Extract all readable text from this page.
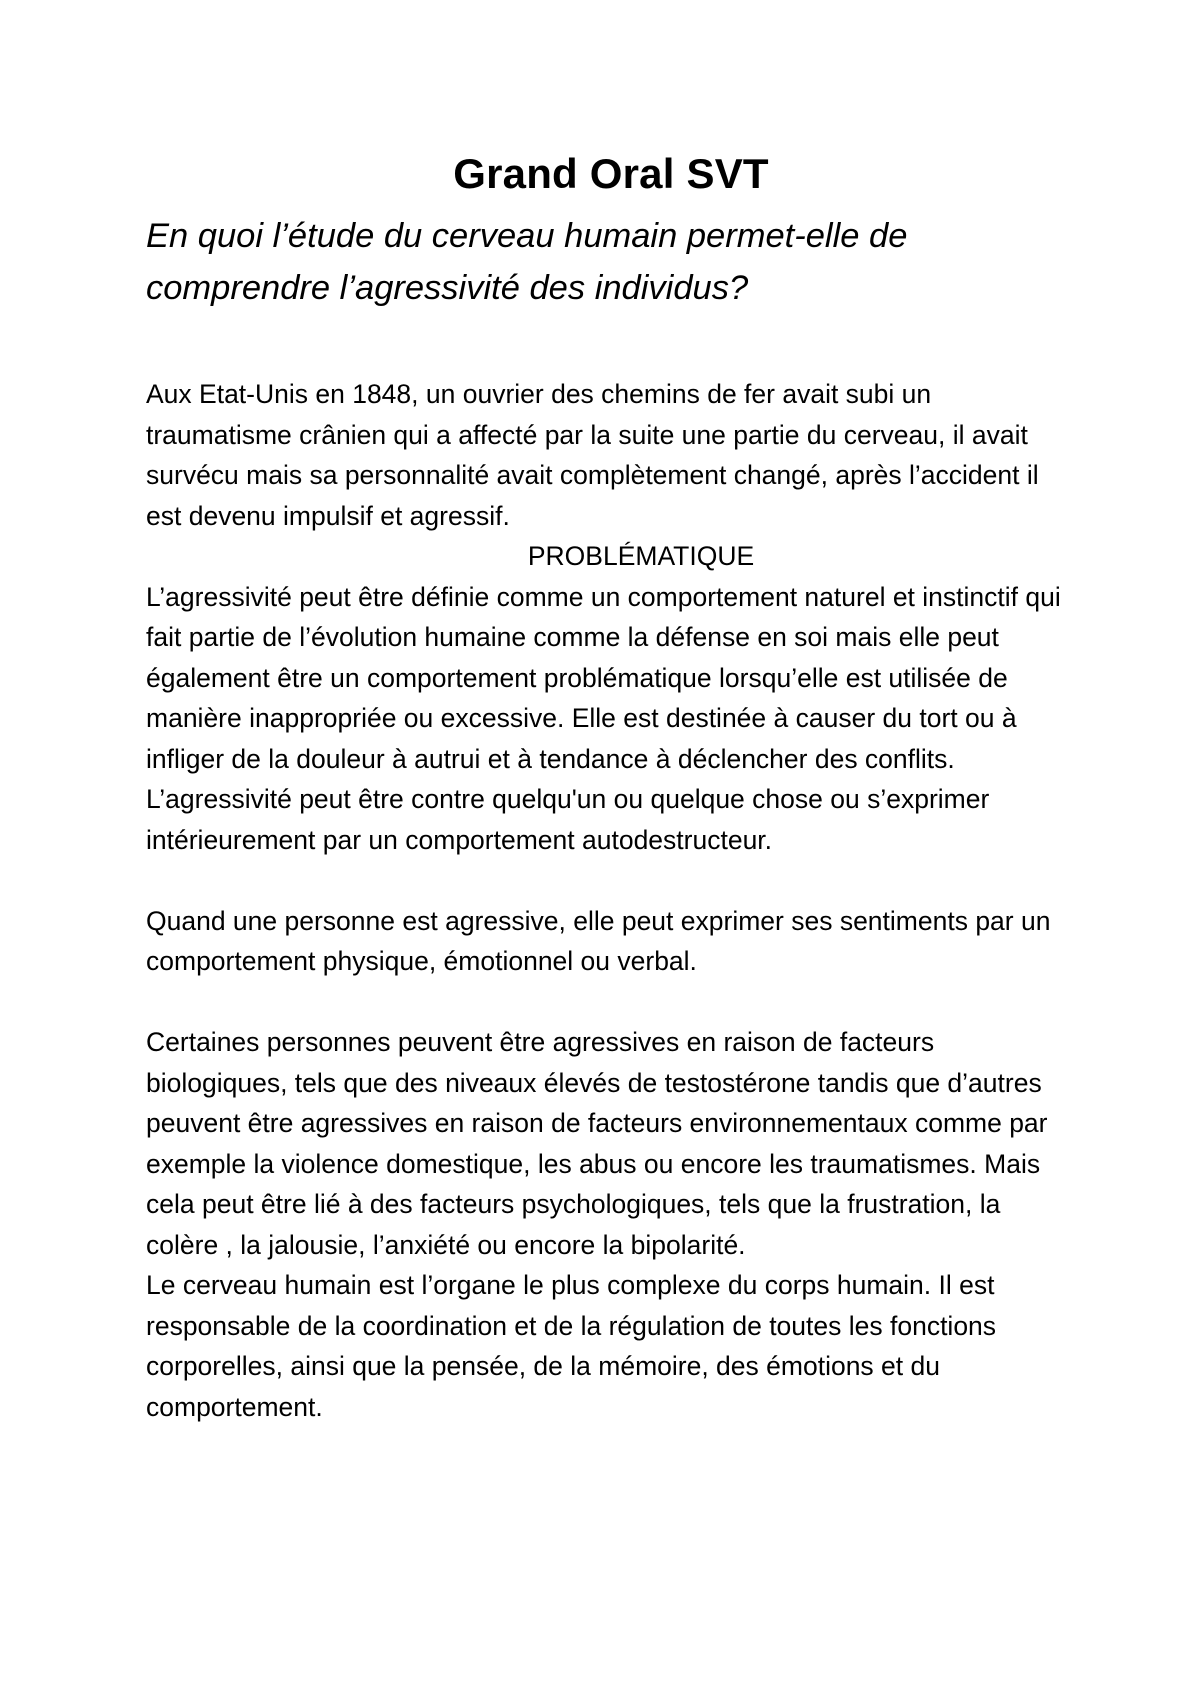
Grand Oral SVT

En quoi l’étude du cerveau humain permet-elle de comprendre l’agressivité des individus?

Aux Etat-Unis en 1848, un ouvrier des chemins de fer avait subi un traumatisme crânien qui a affecté par la suite une partie du cerveau, il avait survécu mais sa personnalité avait complètement changé, après l’accident il est devenu impulsif et agressif.

PROBLÉMATIQUE

L’agressivité peut être définie comme un comportement naturel et instinctif qui fait partie de l’évolution humaine comme la défense en soi mais elle peut également être un comportement problématique lorsqu’elle est utilisée de manière inappropriée ou excessive. Elle est destinée à causer du tort ou à infliger de la douleur à autrui et à tendance à déclencher des conflits. L’agressivité peut être contre quelqu'un ou quelque chose ou s’exprimer intérieurement par un comportement autodestructeur.

Quand une personne est agressive, elle peut exprimer ses sentiments par un comportement physique, émotionnel ou verbal.

Certaines personnes peuvent être agressives en raison de facteurs biologiques, tels que des niveaux élevés de testostérone tandis que d’autres peuvent être agressives en raison de facteurs environnementaux comme par exemple la violence domestique, les abus ou encore les traumatismes. Mais cela peut être lié à des facteurs psychologiques, tels que la frustration, la colère , la jalousie, l’anxiété ou encore la bipolarité.

Le cerveau humain est l’organe le plus complexe du corps humain. Il est responsable de la coordination et de la régulation de toutes les fonctions corporelles, ainsi que la pensée, de la mémoire, des émotions et du comportement.
